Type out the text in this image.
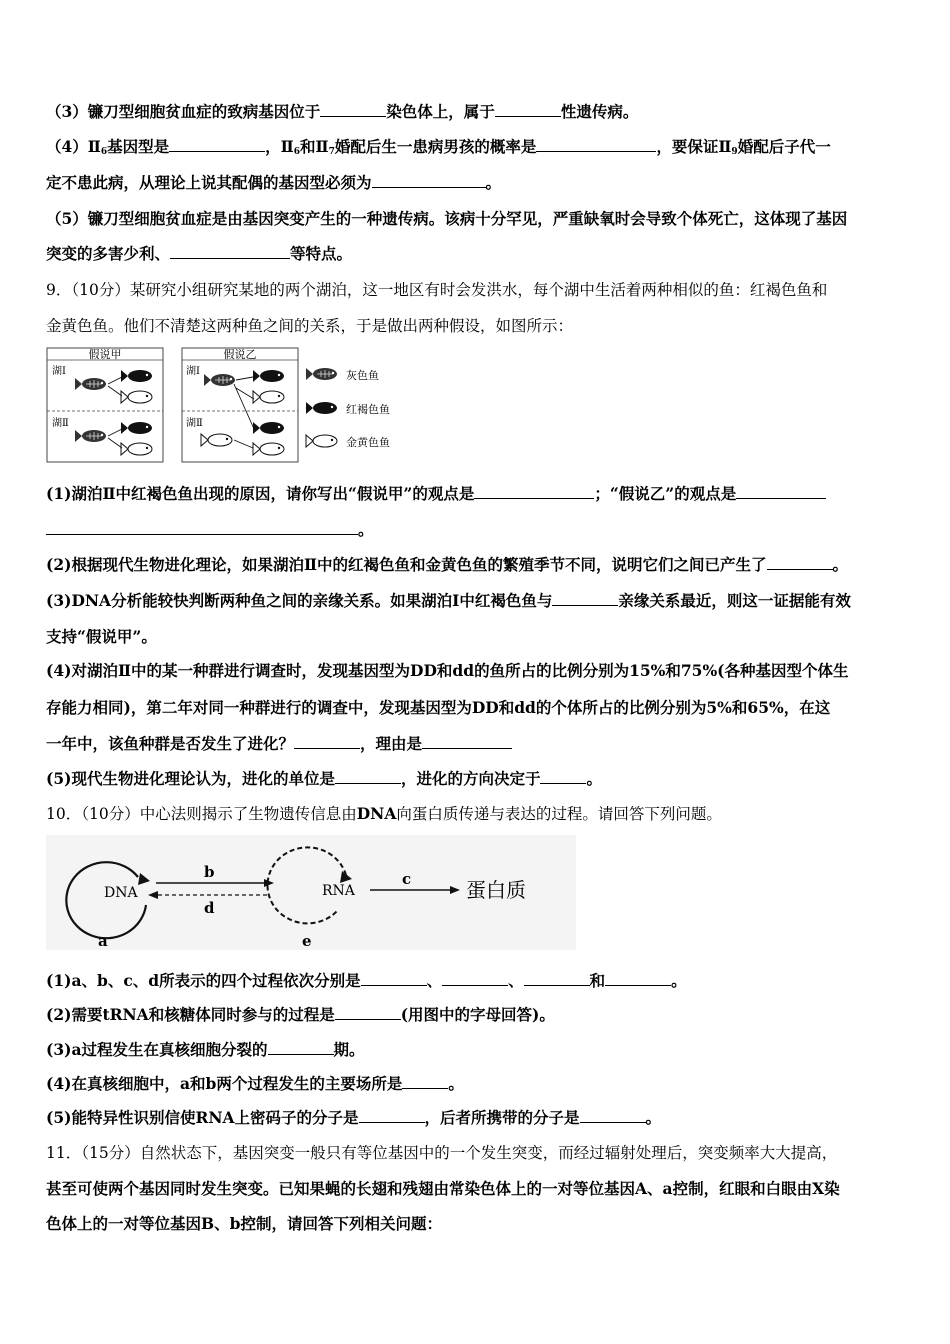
（3）镰刀型细胞贫血症的致病基因位于	染色体上，属于	性遗传病。
$(4)Ⅱ_6$基因型是	，$Ⅱ_6$和$Ⅱ_7$婚配后生一患病男孩的概率是	，要保证$Ⅱ_9$婚配后子代一
定不患此病，从理论上说其配偶的基因型必须为	。
（5）镰刀型细胞贫血症是由基因突变产生的一种遗传病。该病十分罕见，严重缺氧时会导致个体死亡，这体现了基因
突变的多害少利、	等特点。
9．（10分）某研究小组研究某地的两个湖泊，这一地区有时会发洪水，每个湖中生活着两种相似的鱼：红褐色鱼和
金黄色鱼。他们不清楚这两种鱼之间的关系，于是做出两种假设，如图所示：
假说甲
湖Ⅰ
湖Ⅱ
假说乙
湖Ⅰ
湖Ⅱ
灰色鱼
红褐色鱼
金黄色鱼
(1)湖泊Ⅱ中红褐色鱼出现的原因，请你写出“假说甲”的观点是	；“假说乙”的观点是
。
(2)根据现代生物进化理论，如果湖泊Ⅱ中的红褐色鱼和金黄色鱼的繁殖季节不同，说明它们之间已产生了	。
(3)DNA分析能较快判断两种鱼之间的亲缘关系。如果湖泊Ⅰ中红褐色鱼与	亲缘关系最近，则这一证据能有效
支持“假说甲”。
(4)对湖泊Ⅱ中的某一种群进行调查时，发现基因型为DD和dd的鱼所占的比例分别为15%和75%(各种基因型个体生
存能力相同)，第二年对同一种群进行的调查中，发现基因型为DD和dd的个体所占的比例分别为5%和65%，在这
一年中，该鱼种群是否发生了进化？	，理由是
(5)现代生物进化理论认为，进化的单位是	，进化的方向决定于	。
10．（10分）中心法则揭示了生物遗传信息由DNA向蛋白质传递与表达的过程。请回答下列问题。
DNA
a
b
d
RNA
e
c	蛋白质
(1)a、b、c、d所表示的四个过程依次分别是	、	、	和	。
(2)需要tRNA和核糖体同时参与的过程是	(用图中的字母回答)。
(3)a过程发生在真核细胞分裂的	期。
(4)在真核细胞中，a和b两个过程发生的主要场所是	。
(5)能特异性识别信使RNA上密码子的分子是	，后者所携带的分子是	。
11．（15分）自然状态下，基因突变一般只有等位基因中的一个发生突变，而经过辐射处理后，突变频率大大提高，
甚至可使两个基因同时发生突变。已知果蝇的长翅和残翅由常染色体上的一对等位基因A、a控制，红眼和白眼由X染
色体上的一对等位基因B、b控制，请回答下列相关问题：
